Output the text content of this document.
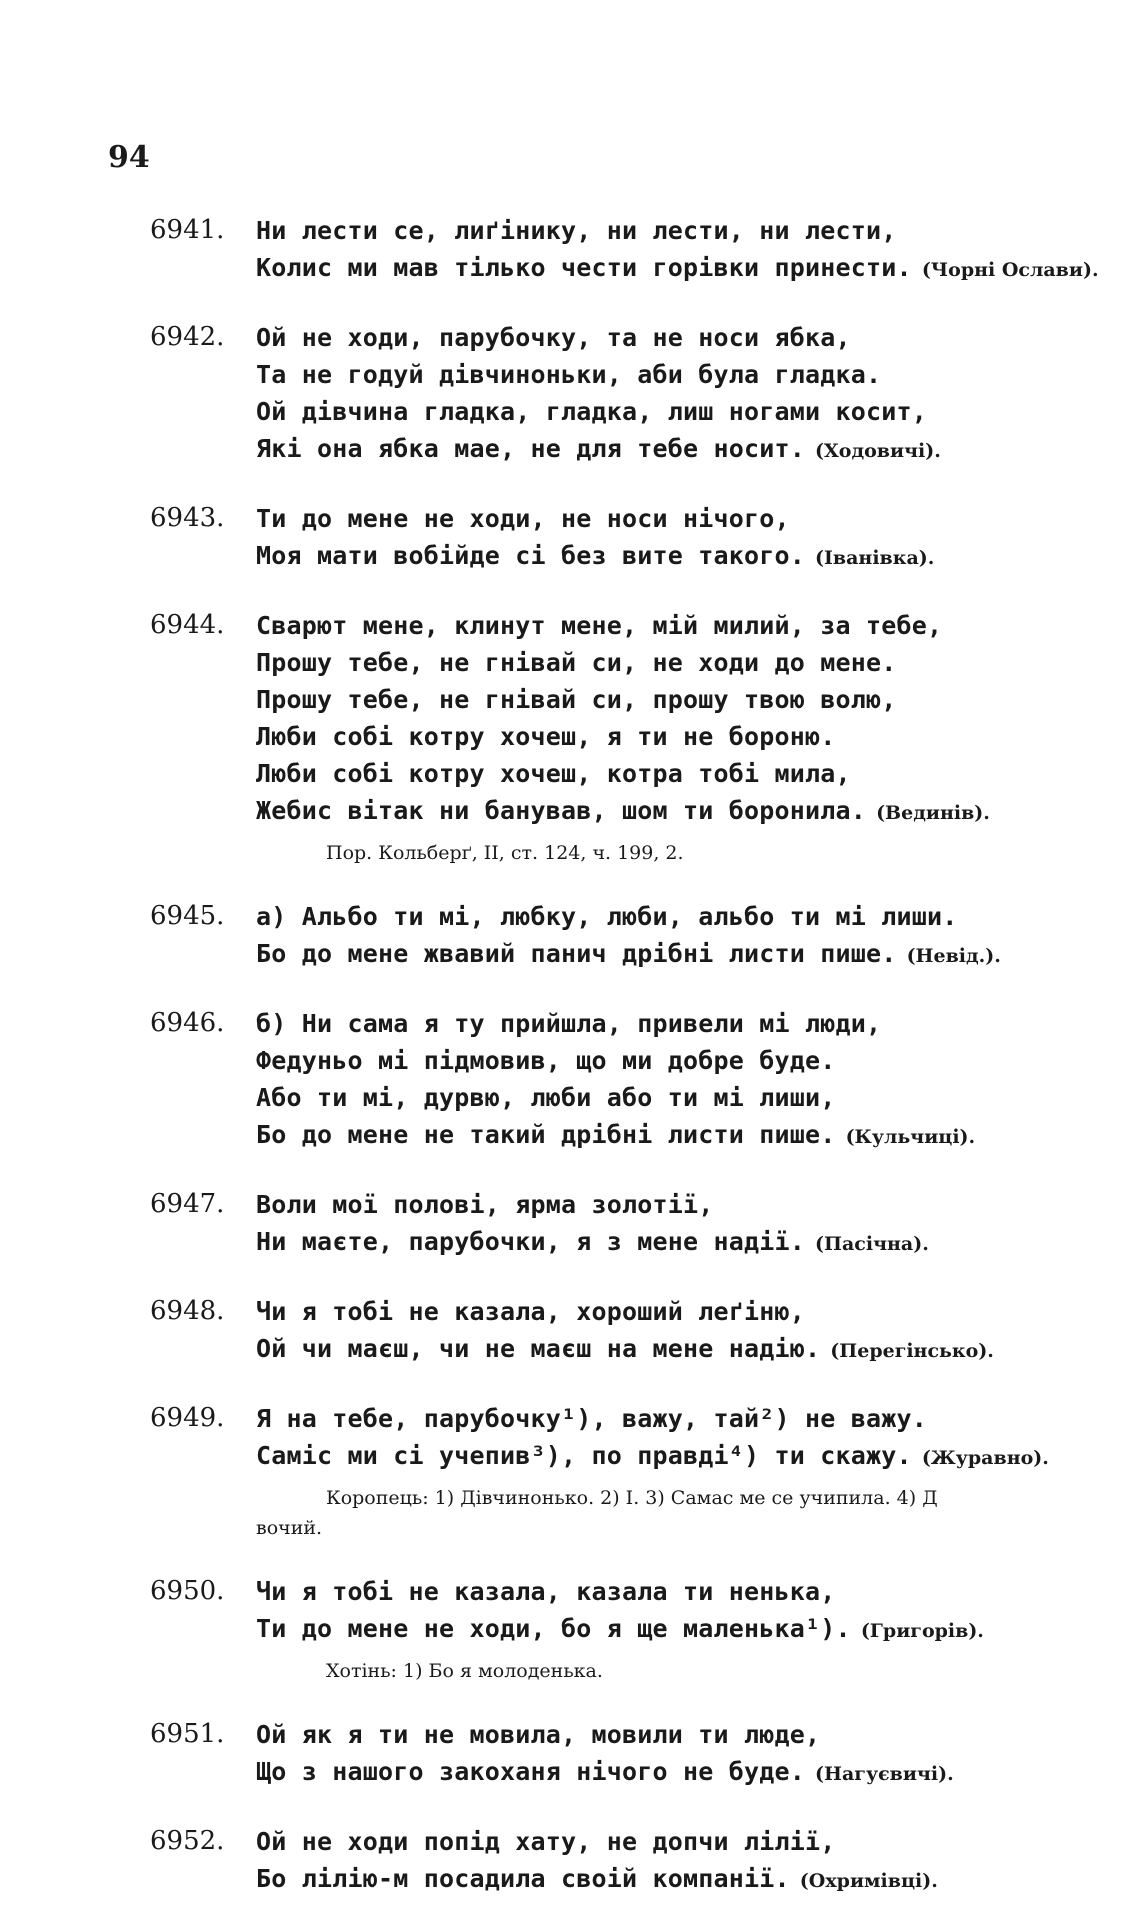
94
6941.	Ни лести се, лиґінику, ни лести, ни лести,
Колис ми мав тілько чести горівки принести. (Чорні Ослави).
6942.	Ой не ходи, парубочку, та не носи ябка,
Та не годуй дівчиноньки, аби була гладка.
Ой дівчина гладка, гладка, лиш ногами косит,
Які она ябка мае, не для тебе носит. (Ходовичі).
6943.	Ти до мене не ходи, не носи нічого,
Моя мати вобійде сі без вите такого. (Іванівка).
6944.	Сварют мене, клинут мене, мій милий, за тебе,
Прошу тебе, не гнівай си, не ходи до мене.
Прошу тебе, не гнівай си, прошу твою волю,
Люби собі котру хочеш, я ти не бороню.
Люби собі котру хочеш, котра тобі мила,
Жебис вітак ни банував, шом ти боронила. (Вединів).
Пор. Кольберґ, II, ст. 124, ч. 199, 2.
6945.	а) Альбо ти мі, любку, люби, альбо ти мі лиши.
Бо до мене жвавий панич дрібні листи пише. (Невід.).
6946.	б) Ни сама я ту прийшла, привели мі люди,
Федуньо мі підмовив, що ми добре буде.
Або ти мі, дурвю, люби або ти мі лиши,
Бо до мене не такий дрібні листи пише. (Кульчиці).
6947.	Воли мої полові, ярма золотії,
Ни маєте, парубочки, я з мене надії. (Пасічна).
6948.	Чи я тобі не казала, хороший леґіню,
Ой чи маєш, чи не маєш на мене надію. (Перегінсько).
6949.	Я на тебе, парубочку¹), важу, тай²) не важу.
Саміс ми сі учепив³), по правді⁴) ти скажу. (Журавно).
Коропець: 1) Дівчинонько. 2) І. 3) Самас ме се учипила. 4) Д
вочий.
6950.	Чи я тобі не казала, казала ти ненька,
Ти до мене не ходи, бо я ще маленька¹). (Григорів).
Хотінь: 1) Бо я молоденька.
6951.	Ой як я ти не мовила, мовили ти люде,
Що з нашого закоханя нічого не буде. (Нагуєвичі).
6952.	Ой не ходи попід хату, не допчи лілії,
Бо лілію-м посадила своій компанії. (Охримівці).
